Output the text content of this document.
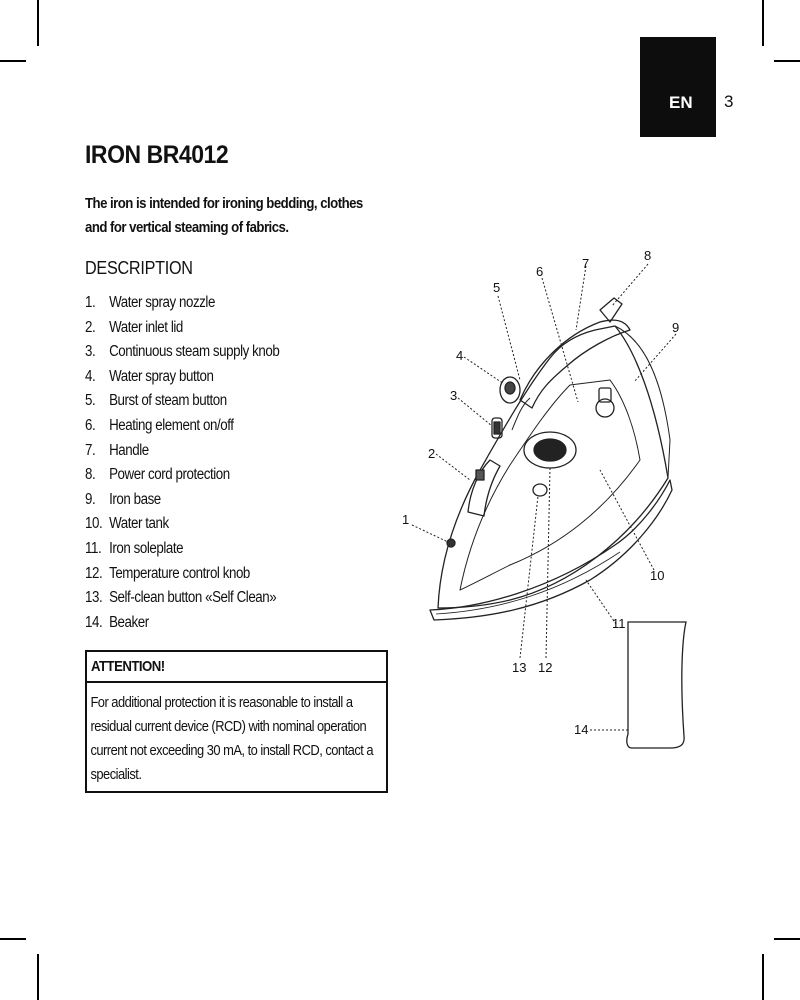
EN 3
IRON BR4012

The iron is intended for ironing bedding, clothes and for vertical steaming of fabrics.

DESCRIPTION
1. Water spray nozzle
2. Water inlet lid
3. Continuous steam supply knob
4. Water spray button
5. Burst of steam button
6. Heating element on/off
7. Handle
8. Power cord protection
9. Iron base
10. Water tank
11. Iron soleplate
12. Temperature control knob
13. Self-clean button «Self Clean»
14. Beaker
ATTENTION!

For additional protection it is reasonable to install a residual current device (RCD) with nominal operation current not exceeding 30 mA, to install RCD, contact a specialist.

1
2
3
4
5
6
7
8
9
10
11
12
13
14
